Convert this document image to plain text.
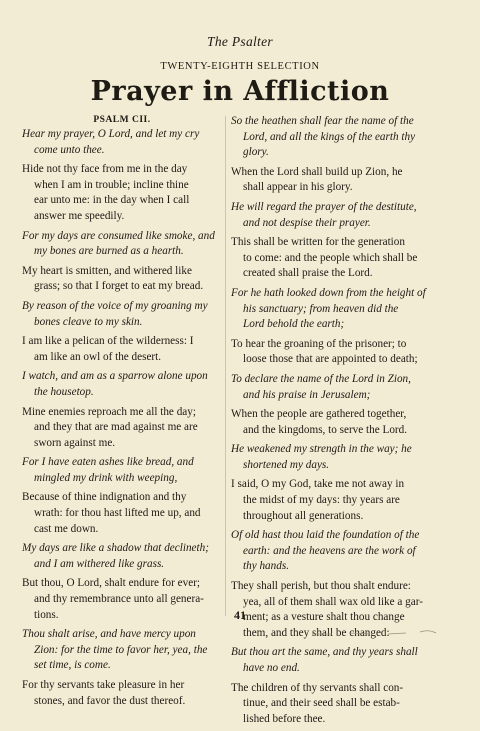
The Psalter
TWENTY-EIGHTH SELECTION
Prayer in Affliction
PSALM CII.
Hear my prayer, O Lord, and let my cry
come unto thee.
Hide not thy face from me in the day
when I am in trouble; incline thine
ear unto me: in the day when I call
answer me speedily.
For my days are consumed like smoke, and
my bones are burned as a hearth.
My heart is smitten, and withered like
grass; so that I forget to eat my bread.
By reason of the voice of my groaning my
bones cleave to my skin.
I am like a pelican of the wilderness: I
am like an owl of the desert.
I watch, and am as a sparrow alone upon
the housetop.
Mine enemies reproach me all the day;
and they that are mad against me are
sworn against me.
For I have eaten ashes like bread, and
mingled my drink with weeping,
Because of thine indignation and thy
wrath: for thou hast lifted me up, and
cast me down.
My days are like a shadow that declineth;
and I am withered like grass.
But thou, O Lord, shalt endure for ever;
and thy remembrance unto all genera-
tions.
Thou shalt arise, and have mercy upon
Zion: for the time to favor her, yea, the
set time, is come.
For thy servants take pleasure in her
stones, and favor the dust thereof.
So the heathen shall fear the name of the
Lord, and all the kings of the earth thy
glory.
When the Lord shall build up Zion, he
shall appear in his glory.
He will regard the prayer of the destitute,
and not despise their prayer.
This shall be written for the generation
to come: and the people which shall be
created shall praise the Lord.
For he hath looked down from the height of
his sanctuary; from heaven did the
Lord behold the earth;
To hear the groaning of the prisoner; to
loose those that are appointed to death;
To declare the name of the Lord in Zion,
and his praise in Jerusalem;
When the people are gathered together,
and the kingdoms, to serve the Lord.
He weakened my strength in the way; he
shortened my days.
I said, O my God, take me not away in
the midst of my days: thy years are
throughout all generations.
Of old hast thou laid the foundation of the
earth: and the heavens are the work of
thy hands.
They shall perish, but thou shalt endure:
yea, all of them shall wax old like a gar-
ment; as a vesture shalt thou change
them, and they shall be changed:
But thou art the same, and thy years shall
have no end.
The children of thy servants shall con-
tinue, and their seed shall be estab-
lished before thee.
41
